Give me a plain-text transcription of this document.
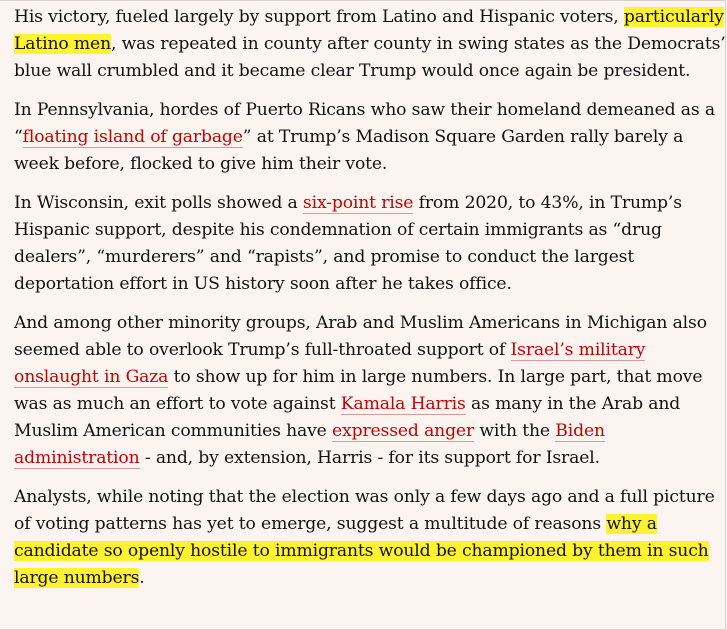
His victory, fueled largely by support from Latino and Hispanic voters, particularly Latino men, was repeated in county after county in swing states as the Democrats’ blue wall crumbled and it became clear Trump would once again be president.

In Pennsylvania, hordes of Puerto Ricans who saw their homeland demeaned as a “floating island of garbage” at Trump’s Madison Square Garden rally barely a week before, flocked to give him their vote.

In Wisconsin, exit polls showed a six-point rise from 2020, to 43%, in Trump’s Hispanic support, despite his condemnation of certain immigrants as “drug dealers”, “murderers” and “rapists”, and promise to conduct the largest deportation effort in US history soon after he takes office.

And among other minority groups, Arab and Muslim Americans in Michigan also seemed able to overlook Trump’s full-throated support of Israel’s military onslaught in Gaza to show up for him in large numbers. In large part, that move was as much an effort to vote against Kamala Harris as many in the Arab and Muslim American communities have expressed anger with the Biden administration - and, by extension, Harris - for its support for Israel.

Analysts, while noting that the election was only a few days ago and a full picture of voting patterns has yet to emerge, suggest a multitude of reasons why a candidate so openly hostile to immigrants would be championed by them in such large numbers.
